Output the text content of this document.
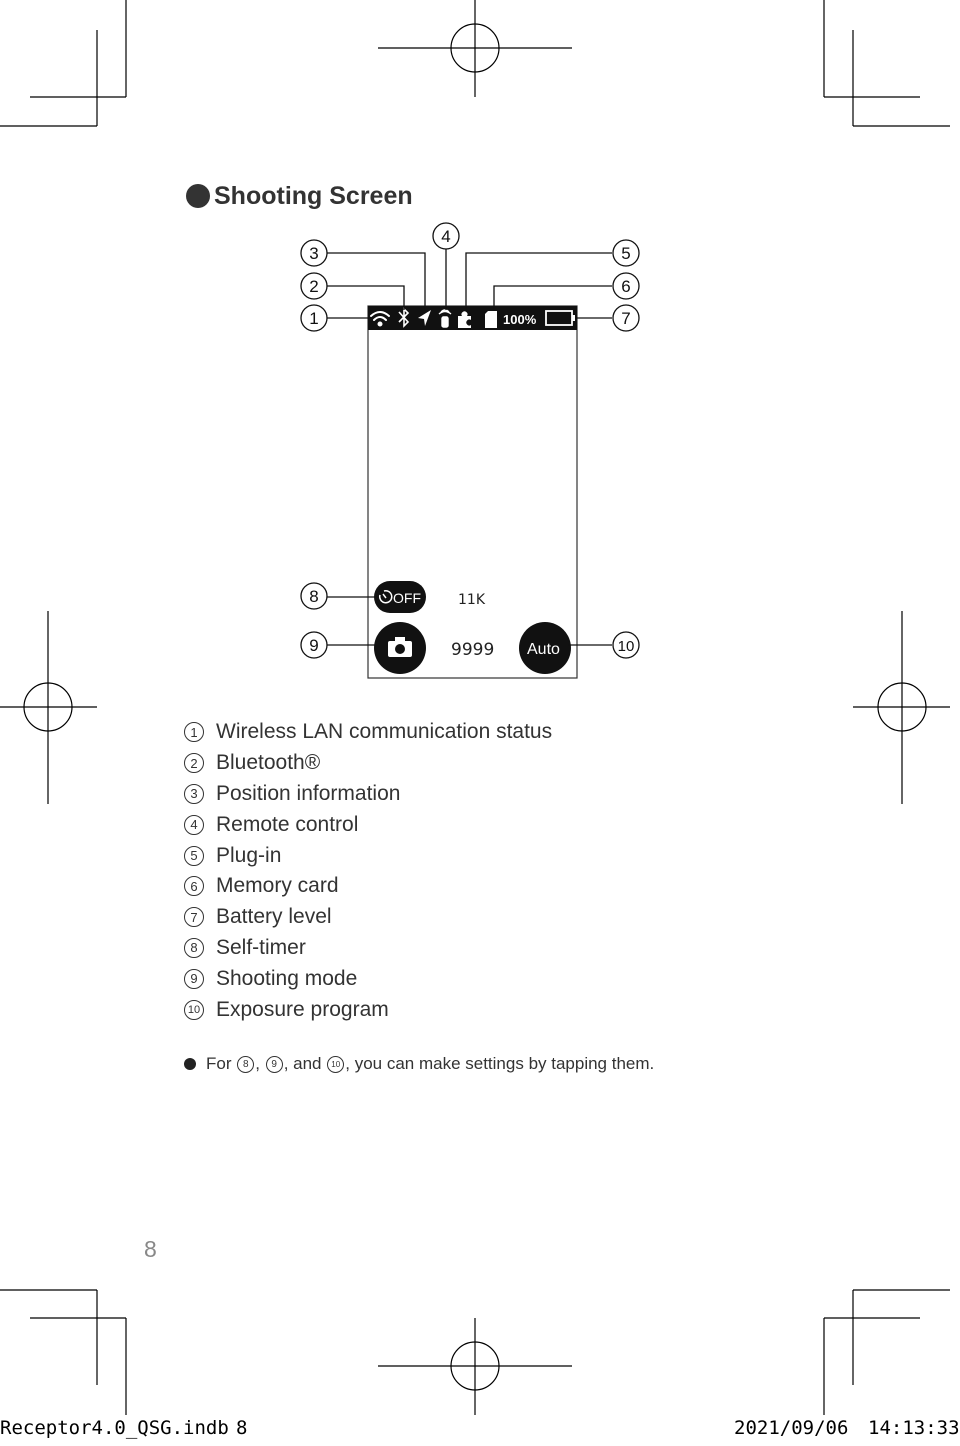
Shooting Screen
100%
OFF	11K
9999 Auto
1
2
3
4
5
6
7
8
9	10
1 Wireless LAN communication status
2 Bluetooth®
3 Position information
4 Remote control
5 Plug-in
6 Memory card
7 Battery level
8 Self-timer
9 Shooting mode
10 Exposure program
For
	8 ,
	9 , and
	10 , you can make settings by tapping them.
8
Receptor4.0_QSG.indb 8	2021/09/06 14:13:33
